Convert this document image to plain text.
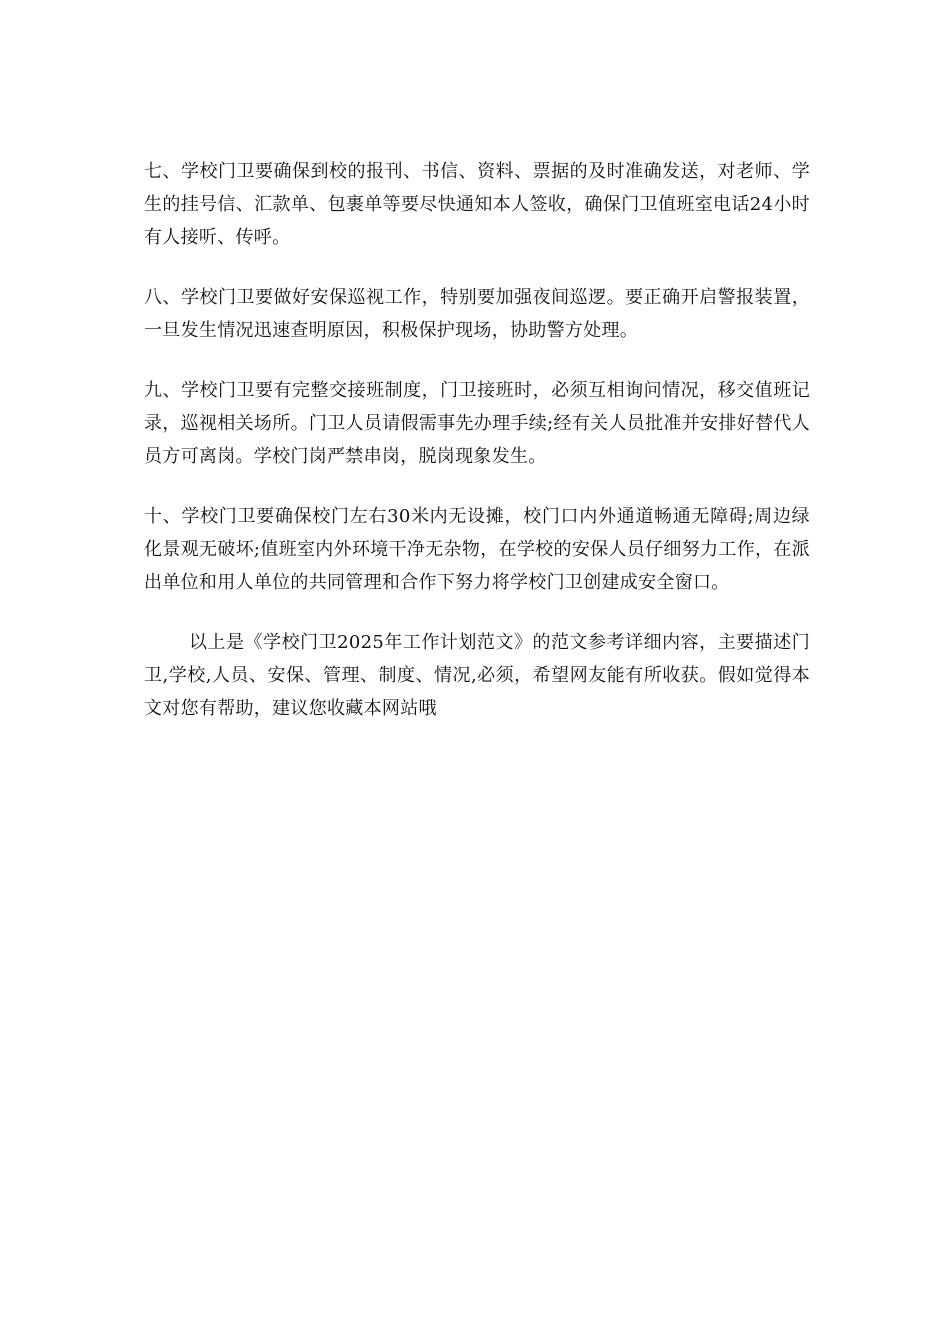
七、学校门卫要确保到校的报刊、书信、资料、票据的及时准确发送，对老师、学生的挂号信、汇款单、包裹单等要尽快通知本人签收，确保门卫值班室电话24小时有人接听、传呼。

八、学校门卫要做好安保巡视工作，特别要加强夜间巡逻。要正确开启警报装置，一旦发生情况迅速查明原因，积极保护现场，协助警方处理。

九、学校门卫要有完整交接班制度，门卫接班时，必须互相询问情况，移交值班记录，巡视相关场所。门卫人员请假需事先办理手续;经有关人员批准并安排好替代人员方可离岗。学校门岗严禁串岗，脱岗现象发生。

十、学校门卫要确保校门左右30米内无设摊，校门口内外通道畅通无障碍;周边绿化景观无破坏;值班室内外环境干净无杂物，在学校的安保人员仔细努力工作，在派出单位和用人单位的共同管理和合作下努力将学校门卫创建成安全窗口。

以上是《学校门卫2025年工作计划范文》的范文参考详细内容，主要描述门卫,学校,人员、安保、管理、制度、情况,必须，希望网友能有所收获。假如觉得本文对您有帮助，建议您收藏本网站哦
